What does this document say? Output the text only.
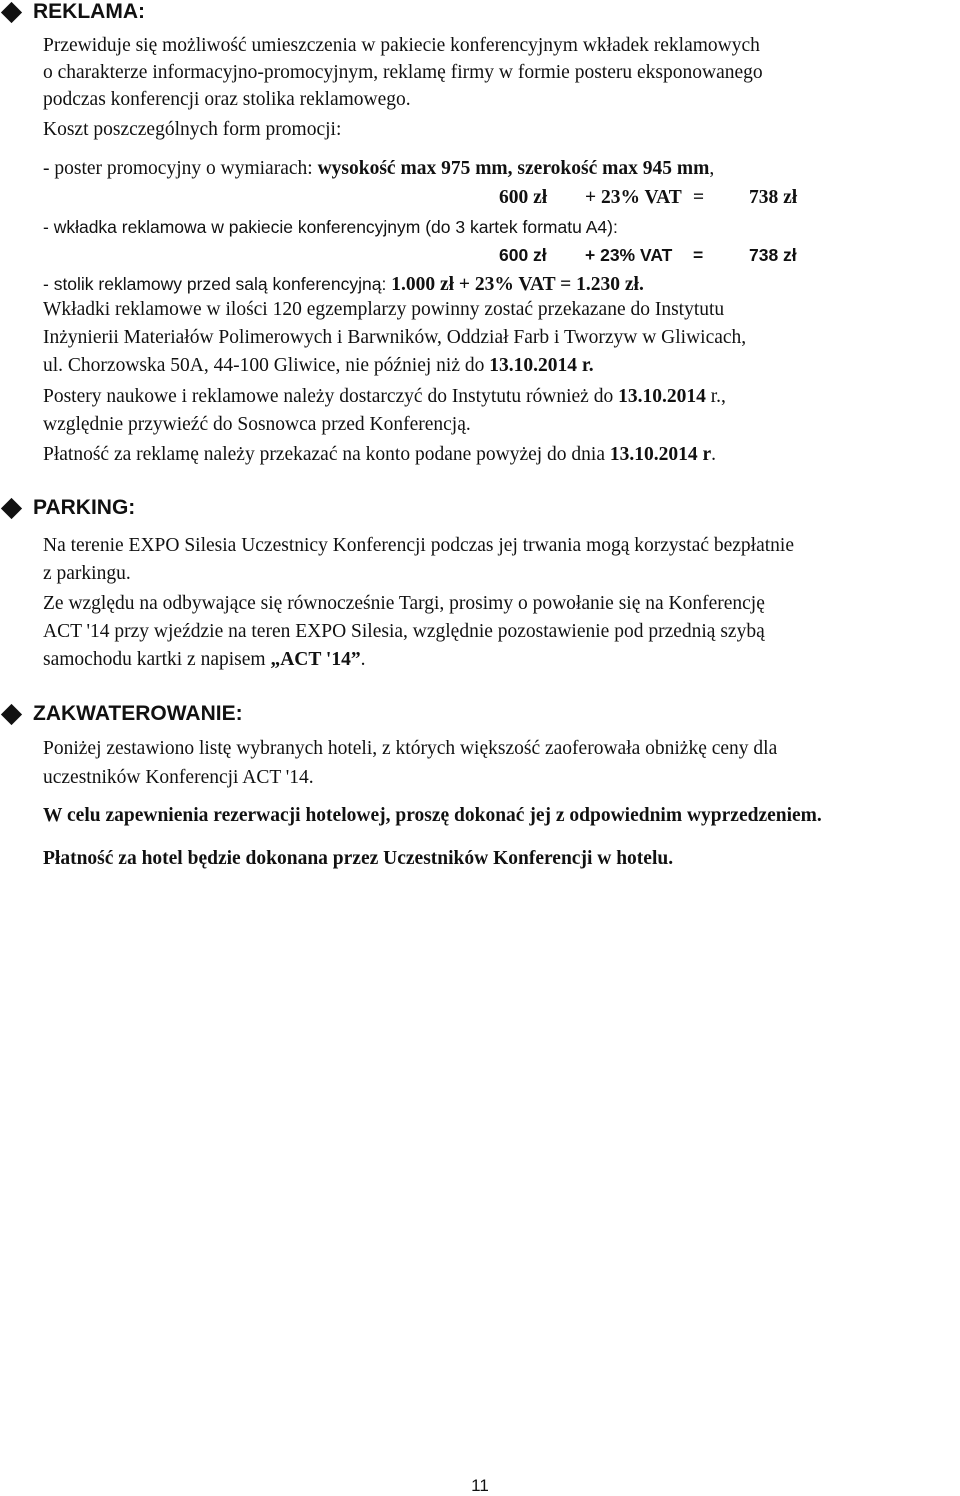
REKLAMA:
Przewiduje się możliwość umieszczenia w pakiecie konferencyjnym wkładek reklamowych
o charakterze informacyjno-promocyjnym, reklamę firmy w formie posteru eksponowanego
podczas konferencji oraz stolika reklamowego.
Koszt poszczególnych form promocji:
- poster promocyjny o wymiarach: wysokość max 975 mm, szerokość max 945 mm,
600 zł + 23% VAT = 738 zł
- wkładka reklamowa w pakiecie konferencyjnym (do 3 kartek formatu A4):
600 zł + 23% VAT =	738 zł
- stolik reklamowy przed salą konferencyjną: 1.000 zł + 23% VAT = 1.230 zł.
Wkładki reklamowe w ilości 120 egzemplarzy powinny zostać przekazane do Instytutu
Inżynierii Materiałów Polimerowych i Barwników, Oddział Farb i Tworzyw w Gliwicach,
ul. Chorzowska 50A, 44-100 Gliwice, nie później niż do 13.10.2014 r.
Postery naukowe i reklamowe należy dostarczyć do Instytutu również do 13.10.2014 r.,
względnie przywieźć do Sosnowca przed Konferencją.
Płatność za reklamę należy przekazać na konto podane powyżej do dnia 13.10.2014 r.
PARKING:
Na terenie EXPO Silesia Uczestnicy Konferencji podczas jej trwania mogą korzystać bezpłatnie
z parkingu.
Ze względu na odbywające się równocześnie Targi, prosimy o powołanie się na Konferencję
ACT '14 przy wjeździe na teren EXPO Silesia, względnie pozostawienie pod przednią szybą
samochodu kartki z napisem „ACT '14”.
ZAKWATEROWANIE:
Poniżej zestawiono listę wybranych hoteli, z których większość zaoferowała obniżkę ceny dla
uczestników Konferencji ACT '14.
W celu zapewnienia rezerwacji hotelowej, proszę dokonać jej z odpowiednim wyprzedzeniem.
Płatność za hotel będzie dokonana przez Uczestników Konferencji w hotelu.
11
